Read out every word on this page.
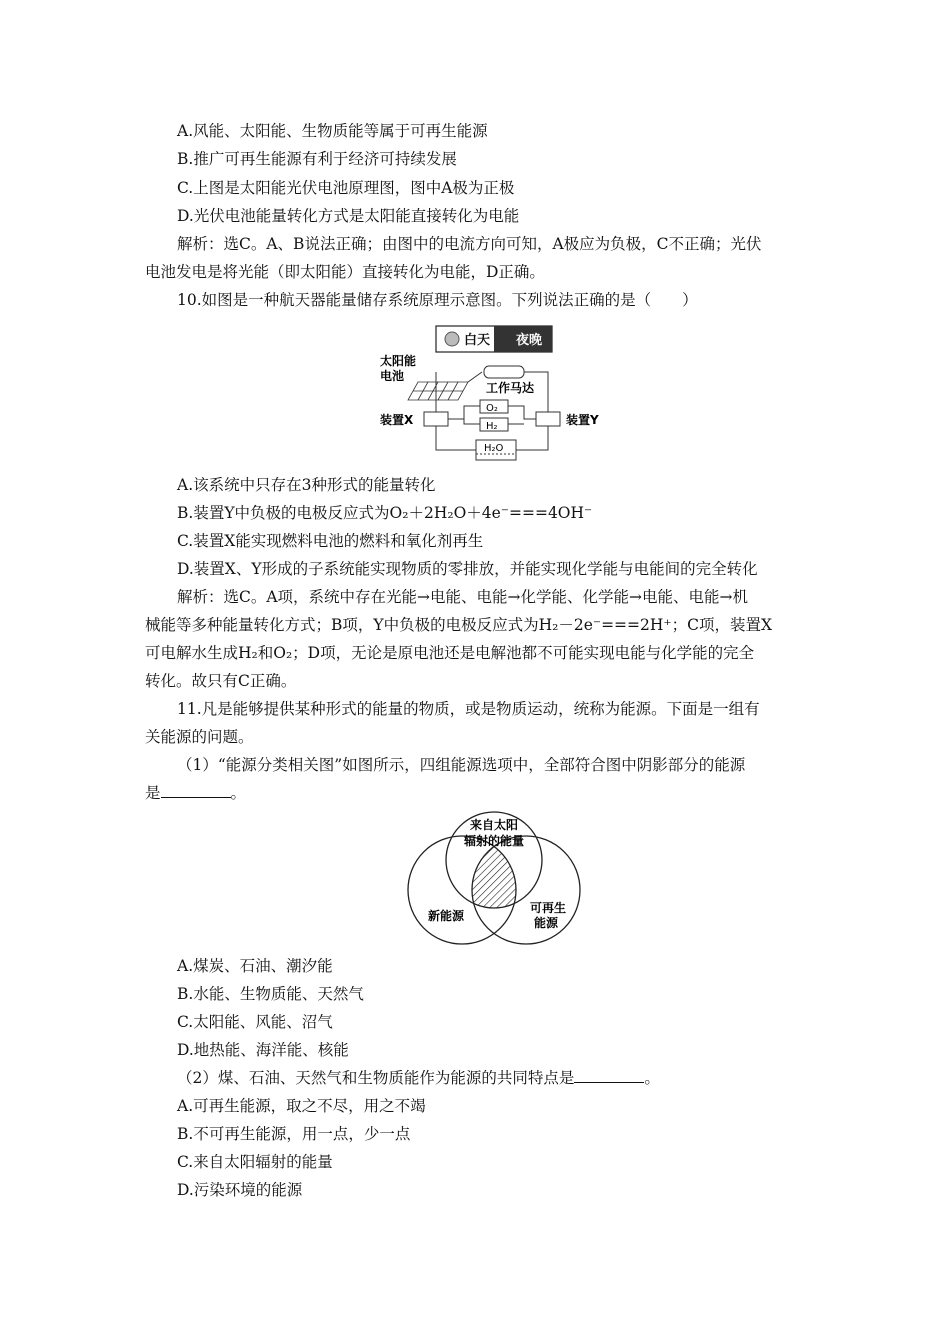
A.风能、太阳能、生物质能等属于可再生能源
B.推广可再生能源有利于经济可持续发展
C.上图是太阳能光伏电池原理图，图中A极为正极
D.光伏电池能量转化方式是太阳能直接转化为电能
解析：选C。A、B说法正确；由图中的电流方向可知，A极应为负极，C不正确；光伏
电池发电是将光能（即太阳能）直接转化为电能，D正确。
10.如图是一种航天器能量储存系统原理示意图。下列说法正确的是（　　）
白天 夜晚
太阳能
电池
工作马达
装置X	装置Y
O₂
H₂
H₂O
A.该系统中只存在3种形式的能量转化
B.装置Y中负极的电极反应式为O₂＋2H₂O＋4e⁻===4OH⁻
C.装置X能实现燃料电池的燃料和氧化剂再生
D.装置X、Y形成的子系统能实现物质的零排放，并能实现化学能与电能间的完全转化
解析：选C。A项，系统中存在光能→电能、电能→化学能、化学能→电能、电能→机
械能等多种能量转化方式；B项，Y中负极的电极反应式为H₂－2e⁻===2H⁺；C项，装置X
可电解水生成H₂和O₂；D项，无论是原电池还是电解池都不可能实现电能与化学能的完全
转化。故只有C正确。
11.凡是能够提供某种形式的能量的物质，或是物质运动，统称为能源。下面是一组有
关能源的问题。
（1）“能源分类相关图”如图所示，四组能源选项中，全部符合图中阴影部分的能源
是	。
来自太阳
辐射的能量
新能源
可再生
能源
A.煤炭、石油、潮汐能
B.水能、生物质能、天然气
C.太阳能、风能、沼气
D.地热能、海洋能、核能
（2）煤、石油、天然气和生物质能作为能源的共同特点是	。
A.可再生能源，取之不尽，用之不竭
B.不可再生能源，用一点，少一点
C.来自太阳辐射的能量
D.污染环境的能源
